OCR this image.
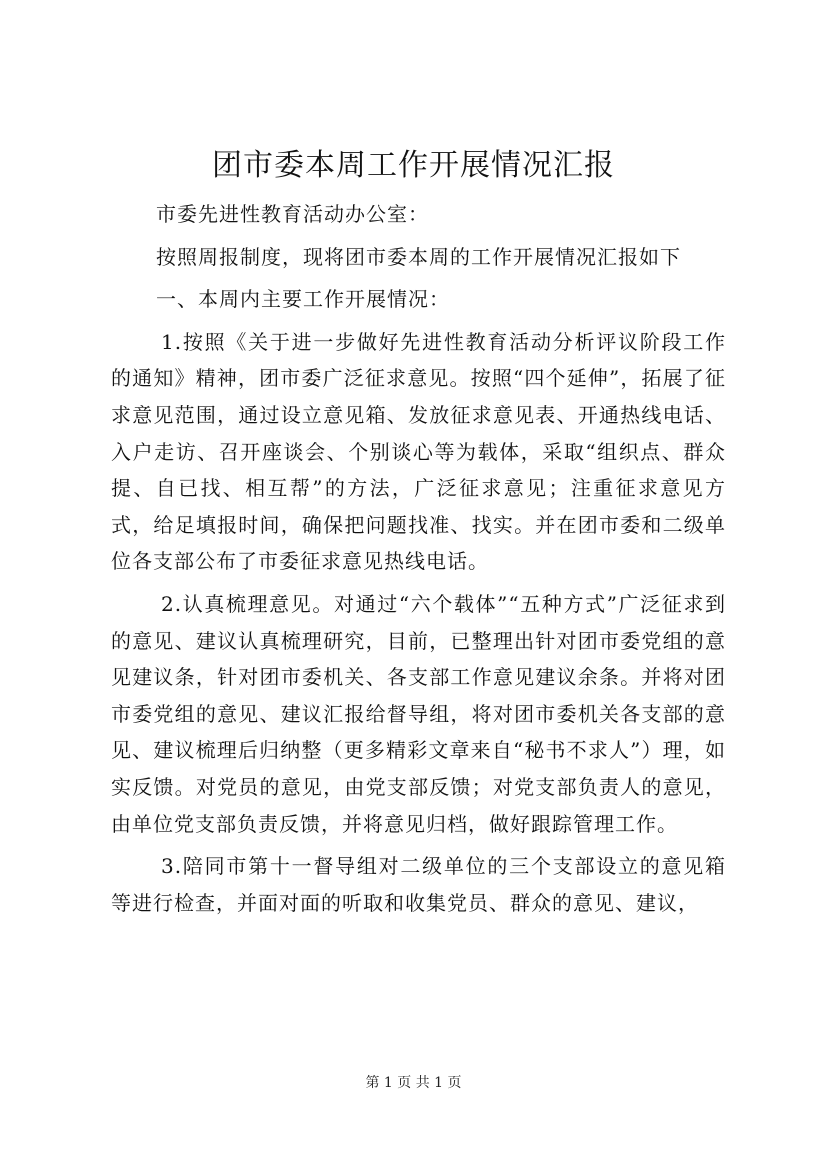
团市委本周工作开展情况汇报

市委先进性教育活动办公室：

按照周报制度，现将团市委本周的工作开展情况汇报如下

一、本周内主要工作开展情况：

1.按照《关于进一步做好先进性教育活动分析评议阶段工作的通知》精神，团市委广泛征求意见。按照“四个延伸”，拓展了征求意见范围，通过设立意见箱、发放征求意见表、开通热线电话、入户走访、召开座谈会、个别谈心等为载体，采取“组织点、群众提、自已找、相互帮”的方法，广泛征求意见；注重征求意见方式，给足填报时间，确保把问题找准、找实。并在团市委和二级单位各支部公布了市委征求意见热线电话。

2.认真梳理意见。对通过“六个载体”“五种方式”广泛征求到的意见、建议认真梳理研究，目前，已整理出针对团市委党组的意见建议条，针对团市委机关、各支部工作意见建议余条。并将对团市委党组的意见、建议汇报给督导组，将对团市委机关各支部的意见、建议梳理后归纳整（更多精彩文章来自“秘书不求人”）理，如实反馈。对党员的意见，由党支部反馈；对党支部负责人的意见，由单位党支部负责反馈，并将意见归档，做好跟踪管理工作。

3.陪同市第十一督导组对二级单位的三个支部设立的意见箱等进行检查，并面对面的听取和收集党员、群众的意见、建议，

第 1 页 共 1 页
